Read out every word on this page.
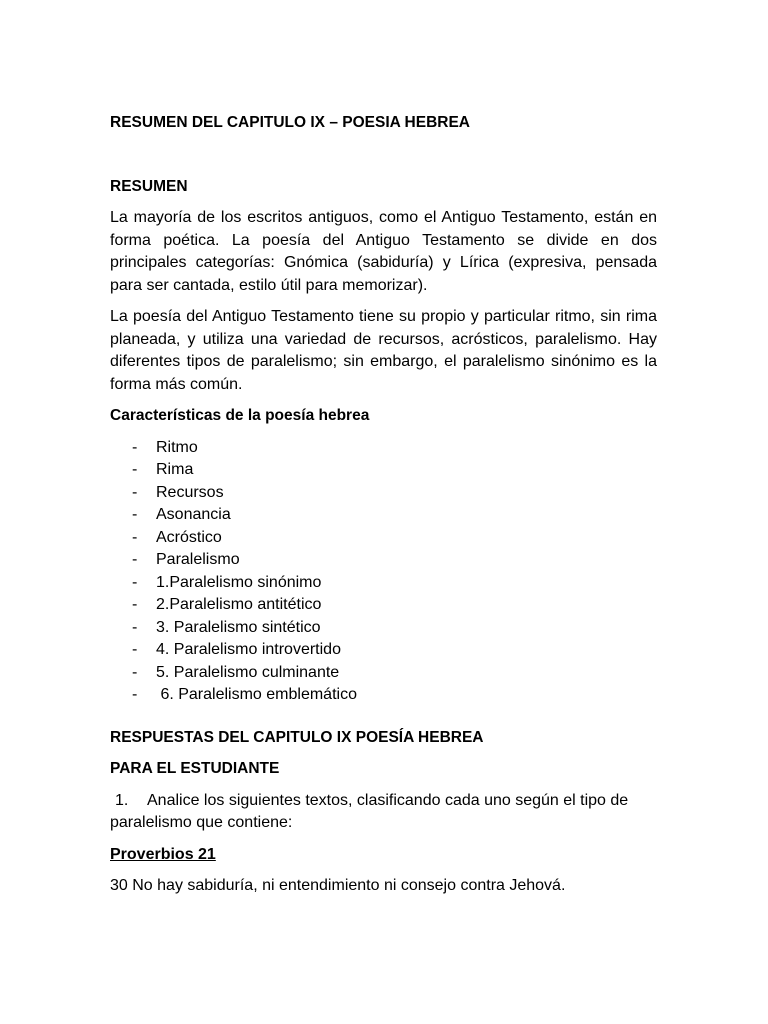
RESUMEN DEL CAPITULO IX – POESIA HEBREA

RESUMEN

La mayoría de los escritos antiguos, como el Antiguo Testamento, están en forma poética. La poesía del Antiguo Testamento se divide en dos principales categorías: Gnómica (sabiduría) y Lírica (expresiva, pensada para ser cantada, estilo útil para memorizar).

La poesía del Antiguo Testamento tiene su propio y particular ritmo, sin rima planeada, y utiliza una variedad de recursos, acrósticos, paralelismo. Hay diferentes tipos de paralelismo; sin embargo, el paralelismo sinónimo es la forma más común.

Características de la poesía hebrea

- Ritmo
- Rima
- Recursos
- Asonancia
- Acróstico
- Paralelismo
- 1.Paralelismo sinónimo
- 2.Paralelismo antitético
- 3. Paralelismo sintético
- 4. Paralelismo introvertido
- 5. Paralelismo culminante
- 6. Paralelismo emblemático

RESPUESTAS DEL CAPITULO IX POESÍA HEBREA

PARA EL ESTUDIANTE

1. Analice los siguientes textos, clasificando cada uno según el tipo de paralelismo que contiene:

Proverbios 21

30 No hay sabiduría, ni entendimiento ni consejo contra Jehová.
